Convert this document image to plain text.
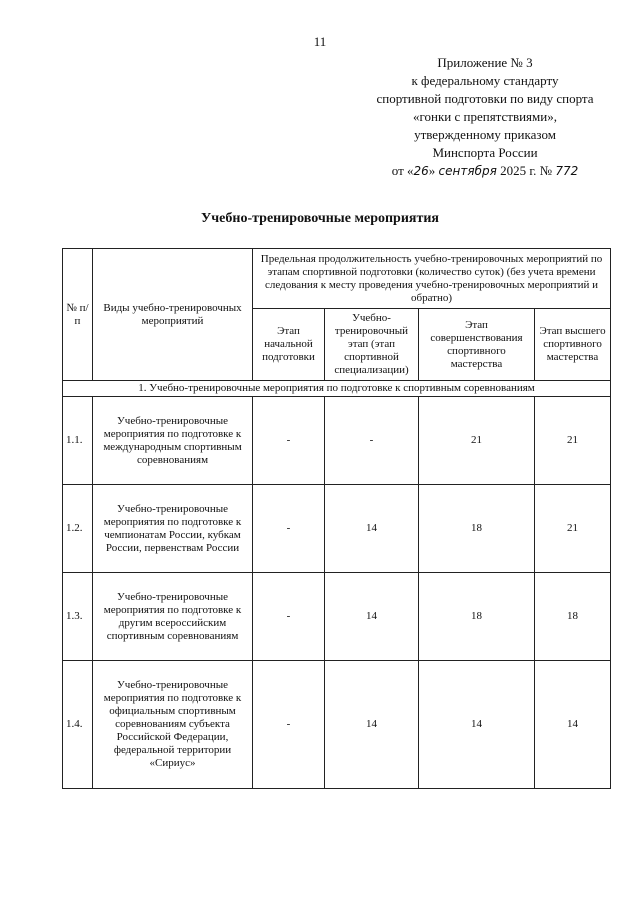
11
Приложение № 3
к федеральному стандарту
спортивной подготовки по виду спорта
«гонки с препятствиями»,
утвержденному приказом
Минспорта России
от «26» сентября 2025 г. № 772
Учебно-тренировочные мероприятия
№ п/п	Виды учебно-тренировочных мероприятий	Предельная продолжительность учебно-тренировочных мероприятий по этапам спортивной подготовки (количество суток) (без учета времени следования к месту проведения учебно-тренировочных мероприятий и обратно)			
		Этап начальной подготовки	Учебно-тренировочный этап (этап спортивной специализации)	Этап совершенствования спортивного мастерства	Этап высшего спортивного мастерства
1. Учебно-тренировочные мероприятия по подготовке к спортивным соревнованиям					
1.1.	Учебно-тренировочные мероприятия по подготовке к международным спортивным соревнованиям	-	-	21	21
1.2.	Учебно-тренировочные мероприятия по подготовке к чемпионатам России, кубкам России, первенствам России	-	14	18	21
1.3.	Учебно-тренировочные мероприятия по подготовке к другим всероссийским спортивным соревнованиям	-	14	18	18
1.4.	Учебно-тренировочные мероприятия по подготовке к официальным спортивным соревнованиям субъекта Российской Федерации, федеральной территории «Сириус»	-	14	14	14
